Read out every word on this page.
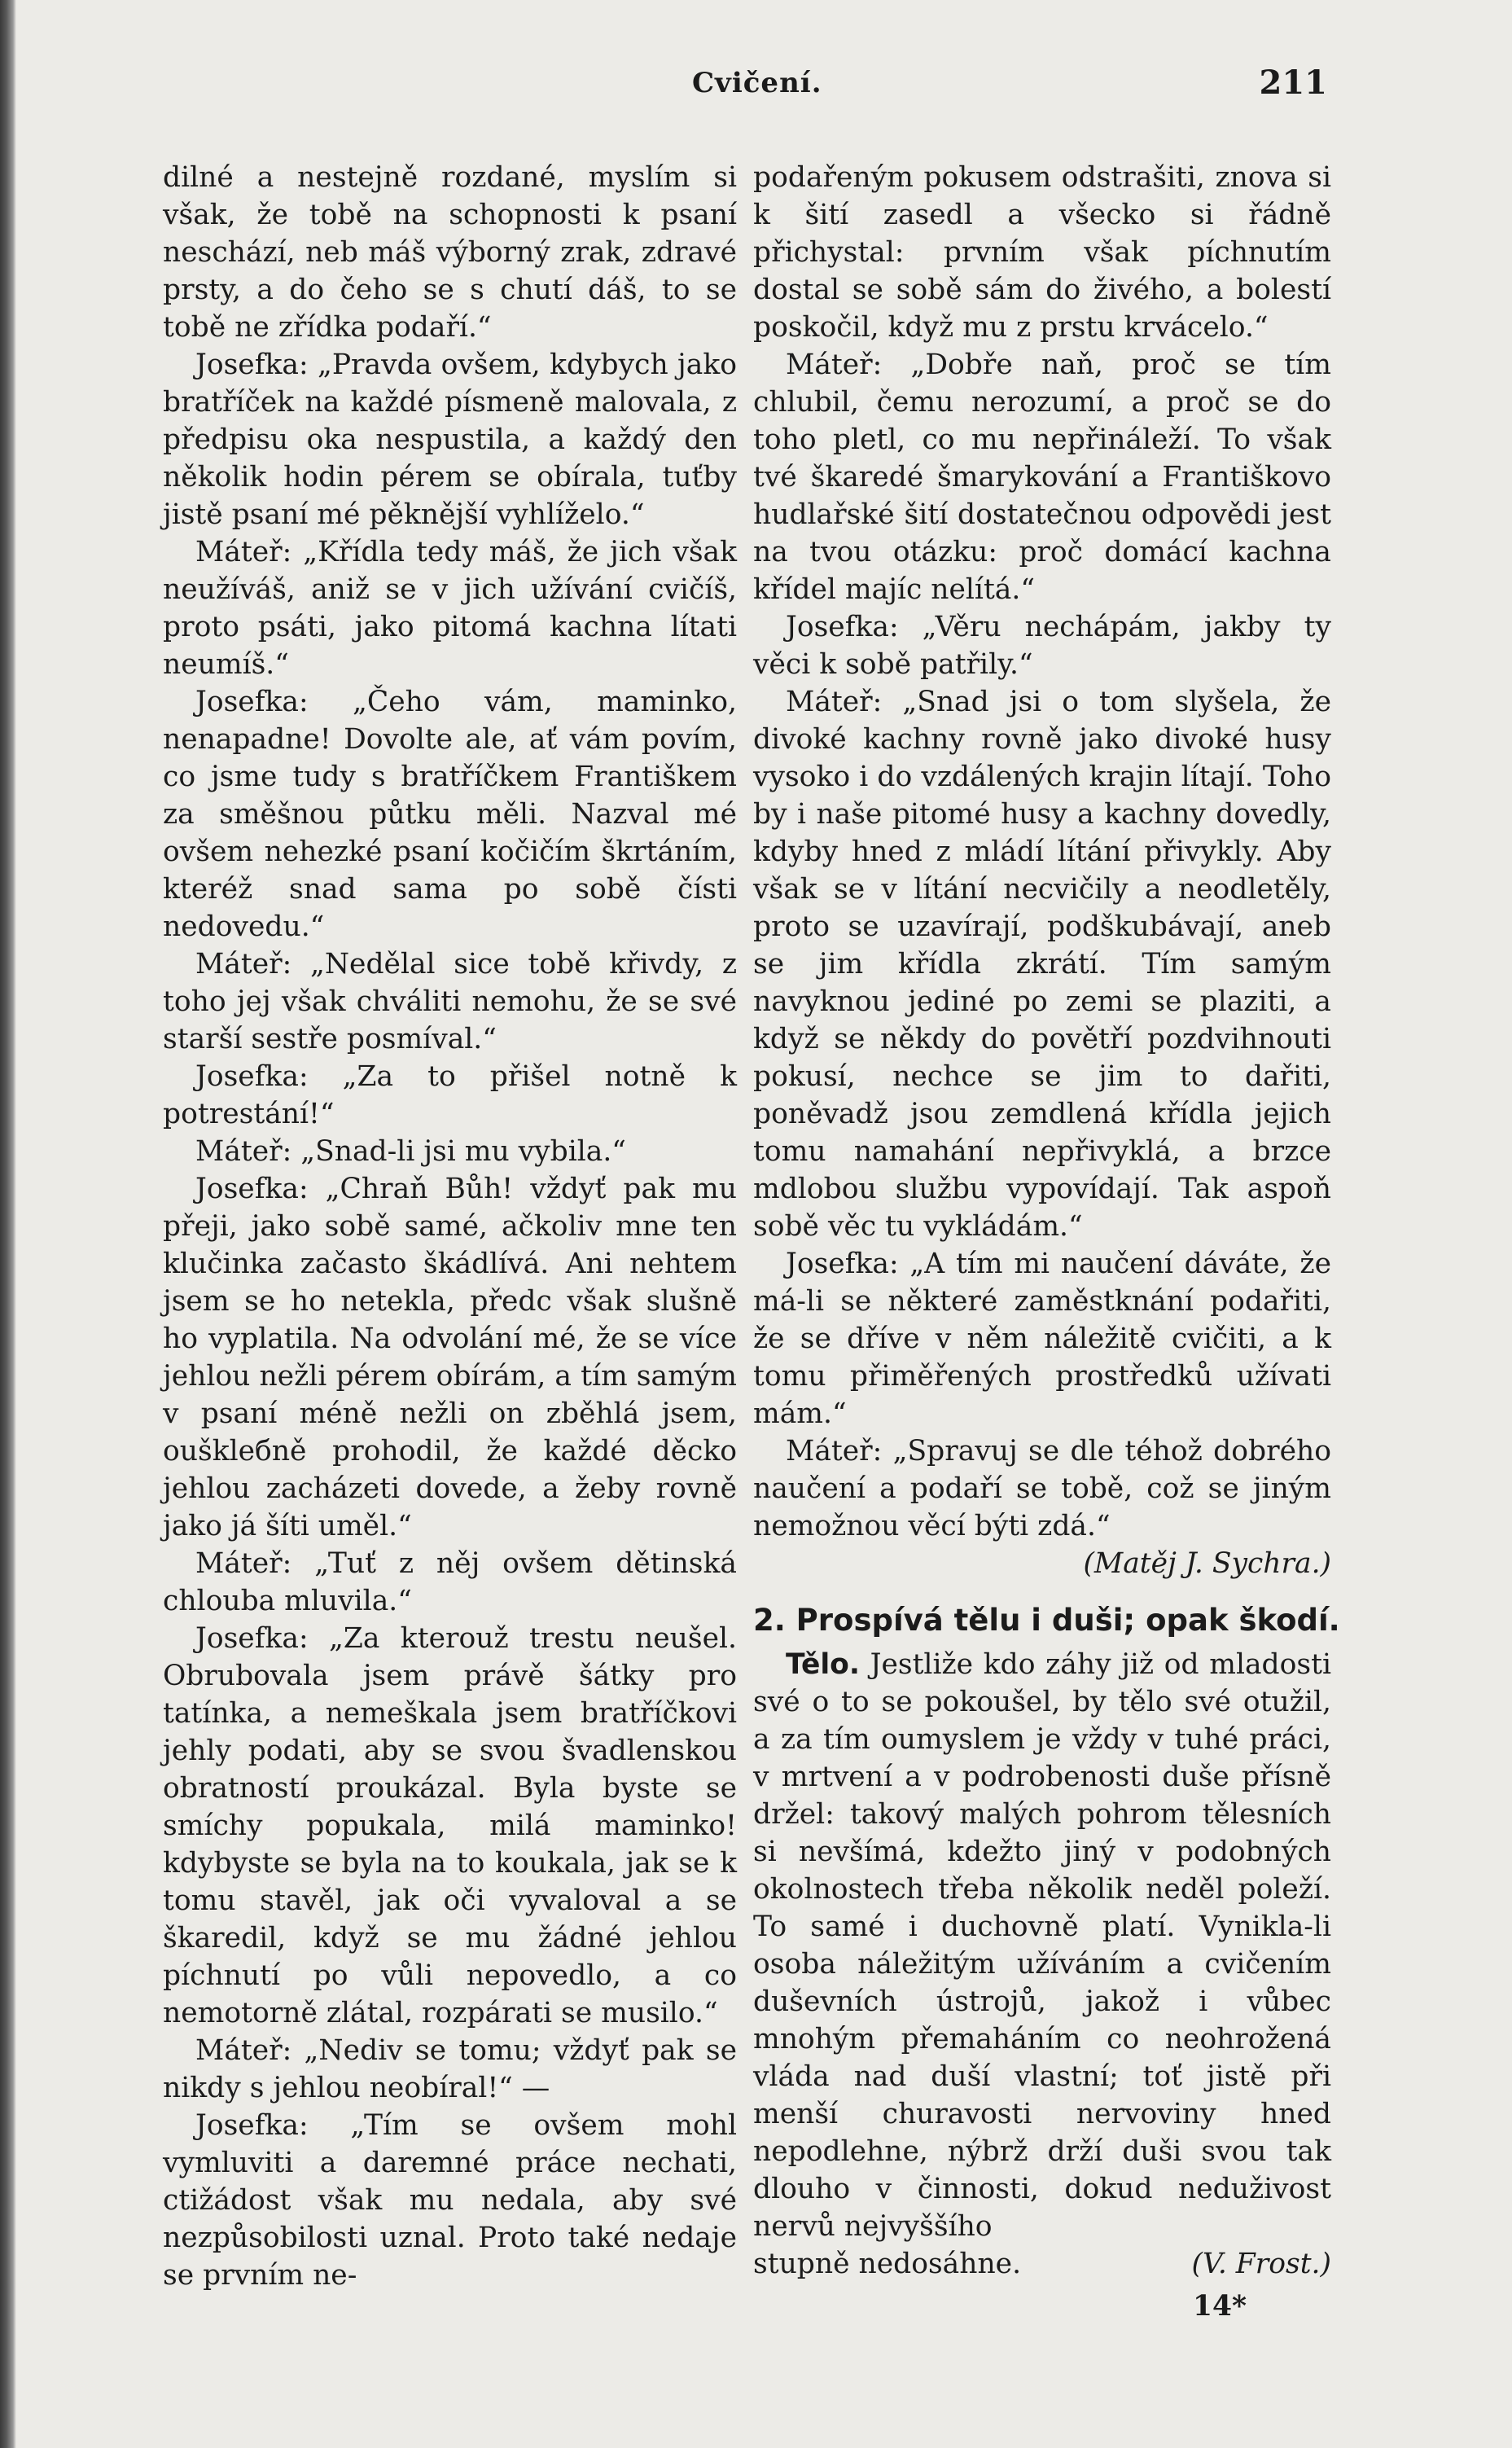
Cvičení.	211

dilné a nestejně rozdané, myslím si však, že tobě na schopnosti k psaní neschází, neb máš výborný zrak, zdravé prsty, a do čeho se s chutí dáš, to se tobě ne zřídka podaří.“

Josefka: „Pravda ovšem, kdybych jako bratříček na každé písmeně malovala, z předpisu oka nespustila, a každý den několik hodin pérem se obírala, tuťby jistě psaní mé pěknější vyhlíželo.“

Máteř: „Křídla tedy máš, že jich však neužíváš, aniž se v jich užívání cvičíš, proto psáti, jako pitomá kachna lítati neumíš.“

Josefka: „Čeho vám, maminko, nenapadne! Dovolte ale, ať vám povím, co jsme tudy s bratříčkem Františkem za směšnou půtku měli. Nazval mé ovšem nehezké psaní kočičím škrtáním, kteréž snad sama po sobě čísti nedovedu.“

Máteř: „Nedělal sice tobě křivdy, z toho jej však chváliti nemohu, že se své starší sestře posmíval.“

Josefka: „Za to přišel notně k potrestání!“

Máteř: „Snad-li jsi mu vybila.“

Josefka: „Chraň Bůh! vždyť pak mu přeji, jako sobě samé, ačkoliv mne ten klučinka začasto škádlívá. Ani nehtem jsem se ho netekla, předc však slušně ho vyplatila. Na odvolání mé, že se více jehlou nežli pérem obírám, a tím samým v psaní méně nežli on zběhlá jsem, ouškleбně prohodil, že každé děcko jehlou zacházeti dovede, a žeby rovně jako já šíti uměl.“

Máteř: „Tuť z něj ovšem dětinská chlouba mluvila.“

Josefka: „Za kterouž trestu neušel. Obrubovala jsem právě šátky pro tatínka, a nemeškala jsem bratříčkovi jehly podati, aby se svou švadlenskou obratností proukázal. Byla byste se smíchy popukala, milá maminko! kdybyste se byla na to koukala, jak se k tomu stavěl, jak oči vyvaloval a se škaredil, když se mu žádné jehlou píchnutí po vůli nepovedlo, a co nemotorně zlátal, rozpárati se musilo.“

Máteř: „Nediv se tomu; vždyť pak se nikdy s jehlou neobíral!“ —

Josefka: „Tím se ovšem mohl vymluviti a daremné práce nechati, ctižádost však mu nedala, aby své nezpůsobilosti uznal. Proto také nedaje se prvním ne-

podařeným pokusem odstrašiti, znova si k šití zasedl a všecko si řádně přichystal: prvním však píchnutím dostal se sobě sám do živého, a bolestí poskočil, když mu z prstu krvácelo.“

Máteř: „Dobře naň, proč se tím chlubil, čemu nerozumí, a proč se do toho pletl, co mu nepřináleží. To však tvé škaredé šmarykování a Františkovo hudlařské šití dostatečnou odpovědi jest na tvou otázku: proč domácí kachna křídel majíc nelítá.“

Josefka: „Věru nechápám, jakby ty věci k sobě patřily.“

Máteř: „Snad jsi o tom slyšela, že divoké kachny rovně jako divoké husy vysoko i do vzdálených krajin lítají. Toho by i naše pitomé husy a kachny dovedly, kdyby hned z mládí lítání přivykly. Aby však se v lítání necvičily a neodletěly, proto se uzavírají, podškubávají, aneb se jim křídla zkrátí. Tím samým navyknou jediné po zemi se plaziti, a když se někdy do povětří pozdvihnouti pokusí, nechce se jim to dařiti, poněvadž jsou zemdlená křídla jejich tomu namahání nepřivyklá, a brzce mdlobou službu vypovídají. Tak aspoň sobě věc tu vykládám.“

Josefka: „A tím mi naučení dáváte, že má-li se některé zaměstknání podařiti, že se dříve v něm náležitě cvičiti, a k tomu přiměřených prostředků užívati mám.“

Máteř: „Spravuj se dle téhož dobrého naučení a podaří se tobě, což se jiným nemožnou věcí býti zdá.“

(Matěj J. Sychra.)

2. Prospívá tělu i duši; opak škodí.

Tělo. Jestliže kdo záhy již od mladosti své o to se pokoušel, by tělo své otužil, a za tím oumyslem je vždy v tuhé práci, v mrtvení a v podrobenosti duše přísně držel: takový malých pohrom tělesních si nevšímá, kdežto jiný v podobných okolnostech třeba několik neděl poleží. To samé i duchovně platí. Vynikla-li osoba náležitým užíváním a cvičením duševních ústrojů, jakož i vůbec mnohým přemaháním co neohrožená vláda nad duší vlastní; toť jistě při menší churavosti nervoviny hned nepodlehne, nýbrž drží duši svou tak dlouho v činnosti, dokud neduživost nervů nejvyššího

stupně nedosáhne.	(V. Frost.)
14*
